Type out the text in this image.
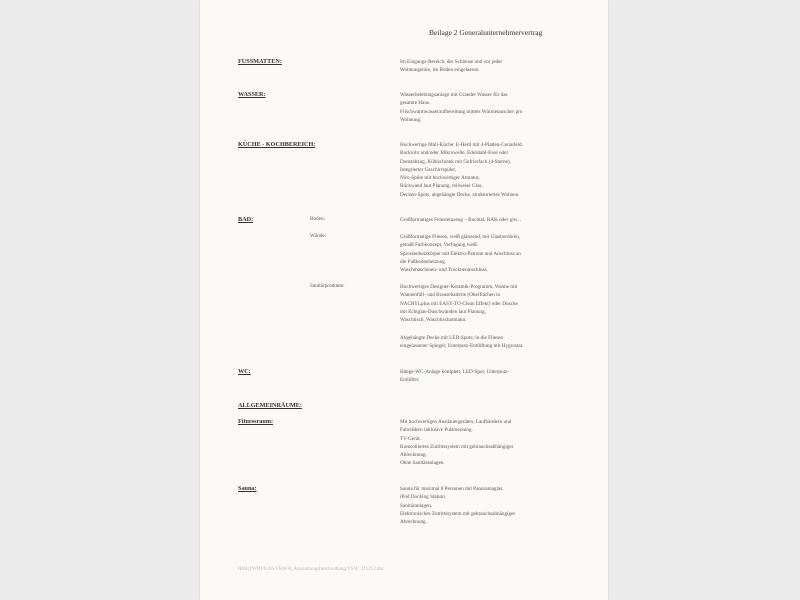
Beilage 2 Generalunternehmervertrag
FUSSMATTEN:	Im Eingangs-Bereich, der Schleuse und vor jeder
Wohnungstüre, im Boden eingelassen.
WASSER:	Wasserbelebungsanlage mit Grander Wasser für das
gesamte Haus.
Frischwarmwasseraufbereitung mittels Wärmetauscher pro
Wohnung.
KÜCHE - KOCHBEREICH:	Hochwertige Mali-Küche: E-Herd mit 4-Platten-Ceranfeld,
Backrohr und/oder Mikrowelle, Edelstahl-Esse oder
Dunstabzug, Kühlschrank mit Gefrierfach (4-Sterne),
Integrierter Geschirrspüler,
Niro-Spüle mit hochwertiger Armatur,
Rückwand laut Planung, teilweise Glas,
Decken-Spots, abgehängte Decke, strukturiertes Wohnen.
BAD:	Boden:	Großformatiges Feinsteinzeug – Buchtal, RAK oder glw...
Wände:	Großformatige Fliesen, weiß glänzend, mit Glasbordüren,
gemäß Farbkonzept, Verfugung weiß.
Sprossenheizkörper mit Elektro-Patrone und Anschluss an
die Fußbodenheizung.
Waschmaschinen- und Trockneranschluss.
Sanitärprodukte:	Hochwertiges Designer-Keramik-Programm, Wanne mit
Wannenfüll- und Brausebatterie (Oberflächen in
NACRYLplus mit EASY-TO-Clean Effekt) oder Dusche
mit Echtglas-Duschwänden laut Planung,
Waschtisch, Waschtischarmatur.
Abgehängte Decke mit LED-Spots; in die Fliesen
eingelassener Spiegel; Unterputz-Entlüftung mit Hygrostat.
WC:	Hänge-WC-Anlage komplett, LED-Spot, Unterputz-
Entlüfter.
ALLGEMEINRÄUME:
Fitnessraum:	Mit hochwertigen Ausdauergeräten, Laufbändern und
Fahrrädern inklusive Pulsmessung.
TV-Gerät.
Kontrolliertes Zutrittssystem mit gebrauchsabhängiger
Abrechnung.
Ohne Sanitäranlagen.
Sauna:	Sauna für maximal 8 Personen mit Panoramaglas.
iPod Docking Station.
Sanitäranlagen.
Elektronisches Zutrittssystem mit gebrauchsabhängiger
Abrechnung.
IBM@WHVKAS/VKWH_Ausstattungsbeschreibung/VSW_211213.doc
